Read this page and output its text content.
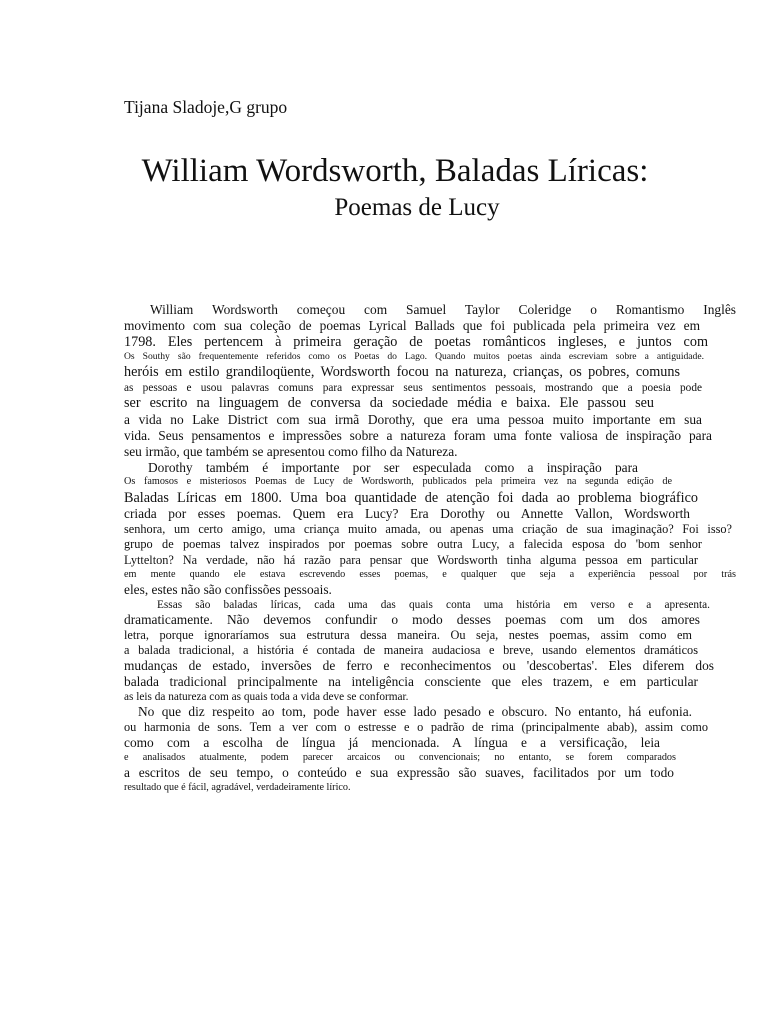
Tijana Sladoje,G grupo
William Wordsworth, Baladas Líricas:
Poemas de Lucy
William Wordsworth começou com Samuel Taylor Coleridge o Romantismo Inglês
movimento com sua coleção de poemas Lyrical Ballads que foi publicada pela primeira vez em
1798. Eles pertencem à primeira geração de poetas românticos ingleses, e juntos com
Os Southy são frequentemente referidos como os Poetas do Lago. Quando muitos poetas ainda escreviam sobre a antiguidade.
heróis em estilo grandiloqüente, Wordsworth focou na natureza, crianças, os pobres, comuns
as pessoas e usou palavras comuns para expressar seus sentimentos pessoais, mostrando que a poesia pode
ser escrito na linguagem de conversa da sociedade média e baixa. Ele passou seu
a vida no Lake District com sua irmã Dorothy, que era uma pessoa muito importante em sua
vida. Seus pensamentos e impressões sobre a natureza foram uma fonte valiosa de inspiração para
seu irmão, que também se apresentou como filho da Natureza.
Dorothy também é importante por ser especulada como a inspiração para
Os famosos e misteriosos Poemas de Lucy de Wordsworth, publicados pela primeira vez na segunda edição de
Baladas Líricas em 1800. Uma boa quantidade de atenção foi dada ao problema biográfico
criada por esses poemas. Quem era Lucy? Era Dorothy ou Annette Vallon, Wordsworth
senhora, um certo amigo, uma criança muito amada, ou apenas uma criação de sua imaginação? Foi isso?
grupo de poemas talvez inspirados por poemas sobre outra Lucy, a falecida esposa do 'bom senhor
Lyttelton? Na verdade, não há razão para pensar que Wordsworth tinha alguma pessoa em particular
em mente quando ele estava escrevendo esses poemas, e qualquer que seja a experiência pessoal por trás
eles, estes não são confissões pessoais.
Essas são baladas líricas, cada uma das quais conta uma história em verso e a apresenta.
dramaticamente. Não devemos confundir o modo desses poemas com um dos amores
letra, porque ignoraríamos sua estrutura dessa maneira. Ou seja, nestes poemas, assim como em
a balada tradicional, a história é contada de maneira audaciosa e breve, usando elementos dramáticos
mudanças de estado, inversões de ferro e reconhecimentos ou 'descobertas'. Eles diferem dos
balada tradicional principalmente na inteligência consciente que eles trazem, e em particular
as leis da natureza com as quais toda a vida deve se conformar.
No que diz respeito ao tom, pode haver esse lado pesado e obscuro. No entanto, há eufonia.
ou harmonia de sons. Tem a ver com o estresse e o padrão de rima (principalmente abab), assim como
como com a escolha de língua já mencionada. A língua e a versificação, leia
e analisados atualmente, podem parecer arcaicos ou convencionais; no entanto, se forem comparados
a escritos de seu tempo, o conteúdo e sua expressão são suaves, facilitados por um todo
resultado que é fácil, agradável, verdadeiramente lírico.
